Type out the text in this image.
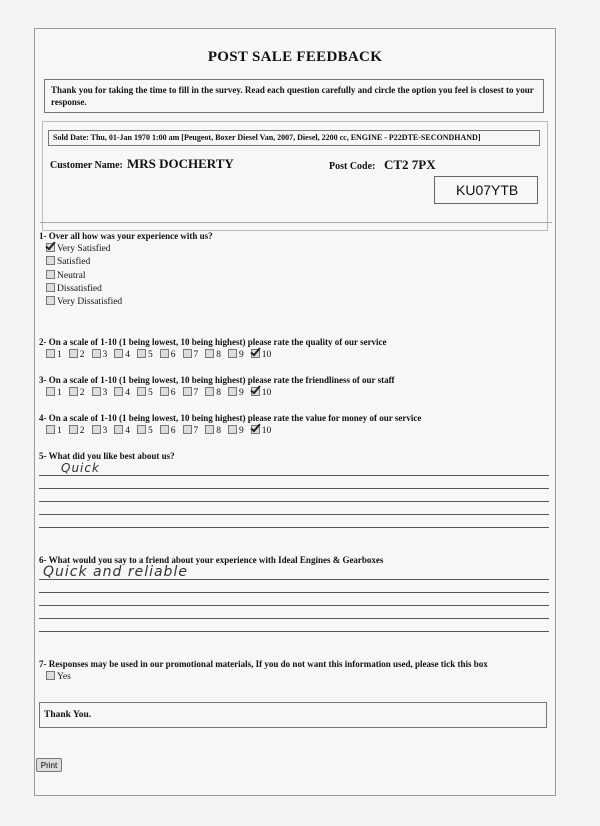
POST SALE FEEDBACK
Thank you for taking the time to fill in the survey. Read each question carefully and circle the option you feel is closest to your response.
Sold Date: Thu, 01-Jan 1970 1:00 am [Peugeot, Boxer Diesel Van, 2007, Diesel, 2200 cc, ENGINE - P22DTE-SECONDHAND]
Customer Name: MRS DOCHERTY	Post Code: CT2 7PX
KU07YTB
1- Over all how was your experience with us?
Very Satisfied
Satisfied
Neutral
Dissatisfied
Very Dissatisfied
2- On a scale of 1-10 (1 being lowest, 10 being highest) please rate the quality of our service
1 2 3 4 5 6 7 8 9 10
3- On a scale of 1-10 (1 being lowest, 10 being highest) please rate the friendliness of our staff
1 2 3 4 5 6 7 8 9 10
4- On a scale of 1-10 (1 being lowest, 10 being highest) please rate the value for money of our service
1 2 3 4 5 6 7 8 9 10
5- What did you like best about us?
Quick
6- What would you say to a friend about your experience with Ideal Engines & Gearboxes
Quick and reliable
7- Responses may be used in our promotional materials, If you do not want this information used, please tick this box
Yes
Thank You.
Print
